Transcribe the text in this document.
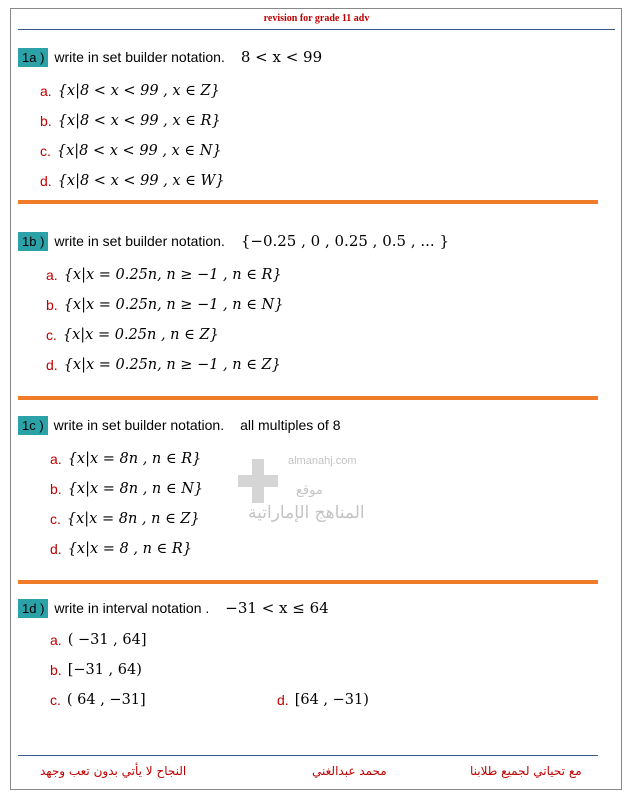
revision for grade 11 adv
1a ) write in set builder notation. 8 < x < 99
a. {x|8 < x < 99 , x ∈ Z}
b. {x|8 < x < 99 , x ∈ R}
c. {x|8 < x < 99 , x ∈ N}
d. {x|8 < x < 99 , x ∈ W}
1b ) write in set builder notation. {−0.25 , 0 , 0.25 , 0.5 , ... }
a. {x|x = 0.25n, n ≥ −1 , n ∈ R}
b. {x|x = 0.25n, n ≥ −1 , n ∈ N}
c. {x|x = 0.25n , n ∈ Z}
d. {x|x = 0.25n, n ≥ −1 , n ∈ Z}
1c ) write in set builder notation. all multiples of 8
a. {x|x = 8n , n ∈ R}
b. {x|x = 8n , n ∈ N}
c. {x|x = 8n , n ∈ Z}
d. {x|x = 8 , n ∈ R}
1d ) write in interval notation . −31 < x ≤ 64
a. ( −31 , 64]
b. [−31 , 64)
c. ( 64 , −31]	d. [64 , −31)
almanahj.com
موقع
المناهج الإماراتية
النجاح لا يأتي بدون تعب وجهد	محمد عبدالغني	مع تحياتي لجميع طلابنا
